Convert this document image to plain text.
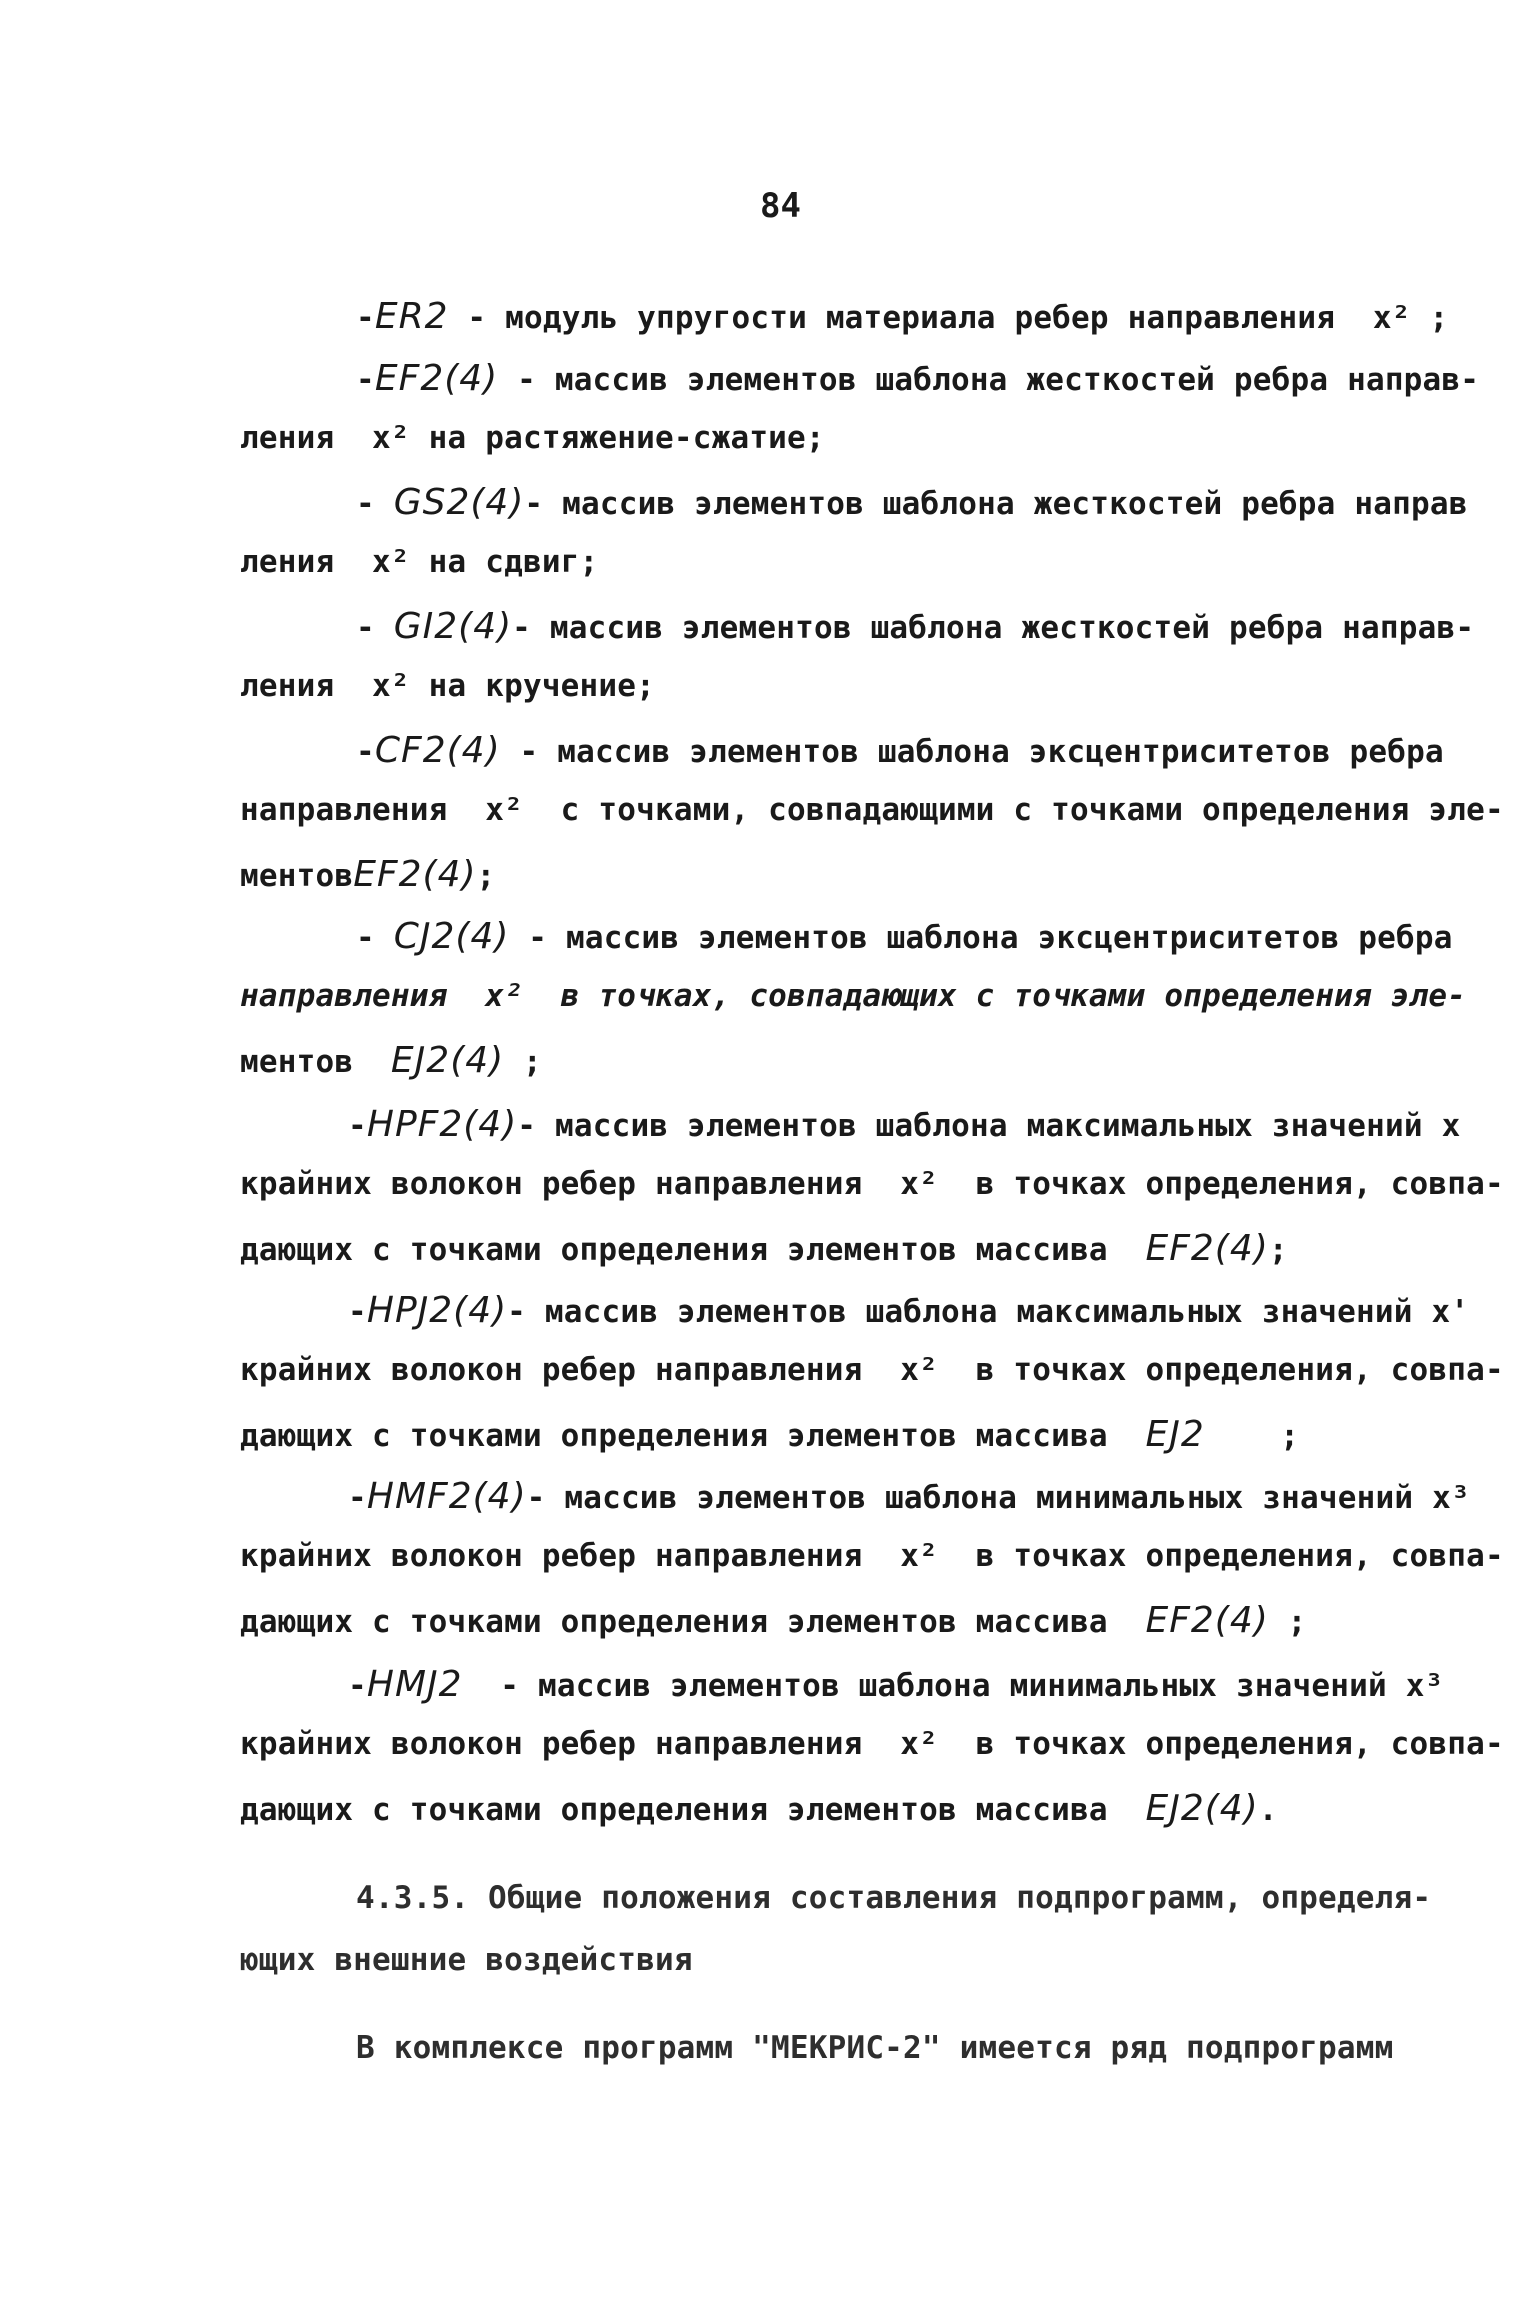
84
-ER2 - модуль упругости материала ребер направления  x² ;
-EF2(4) - массив элементов шаблона жесткостей ребра направ-
ления  x² на растяжение-сжатие;
- GS2(4)- массив элементов шаблона жесткостей ребра направ
ления  x² на сдвиг;
- GI2(4)- массив элементов шаблона жесткостей ребра направ-
ления  x² на кручение;
-CF2(4) - массив элементов шаблона эксцентриситетов ребра
направления  x²  с точками, совпадающими с точками определения эле-
ментовEF2(4);
- CJ2(4) - массив элементов шаблона эксцентриситетов ребра
направления  x²  в точках, совпадающих с точками определения эле-
ментов  EJ2(4) ;
-HPF2(4)- массив элементов шаблона максимальных значений x
крайних волокон ребер направления  x²  в точках определения, совпа-
дающих с точками определения элементов массива  EF2(4);
-HPJ2(4)- массив элементов шаблона максимальных значений x'
крайних волокон ребер направления  x²  в точках определения, совпа-
дающих с точками определения элементов массива  EJ2    ;
-HMF2(4)- массив элементов шаблона минимальных значений x³
крайних волокон ребер направления  x²  в точках определения, совпа-
дающих с точками определения элементов массива  EF2(4) ;
-HMJ2  - массив элементов шаблона минимальных значений x³
крайних волокон ребер направления  x²  в точках определения, совпа-
дающих с точками определения элементов массива  EJ2(4).
4.3.5. Общие положения составления подпрограмм, определя-
ющих внешние воздействия
В комплексе программ "МЕКРИС-2" имеется ряд подпрограмм
